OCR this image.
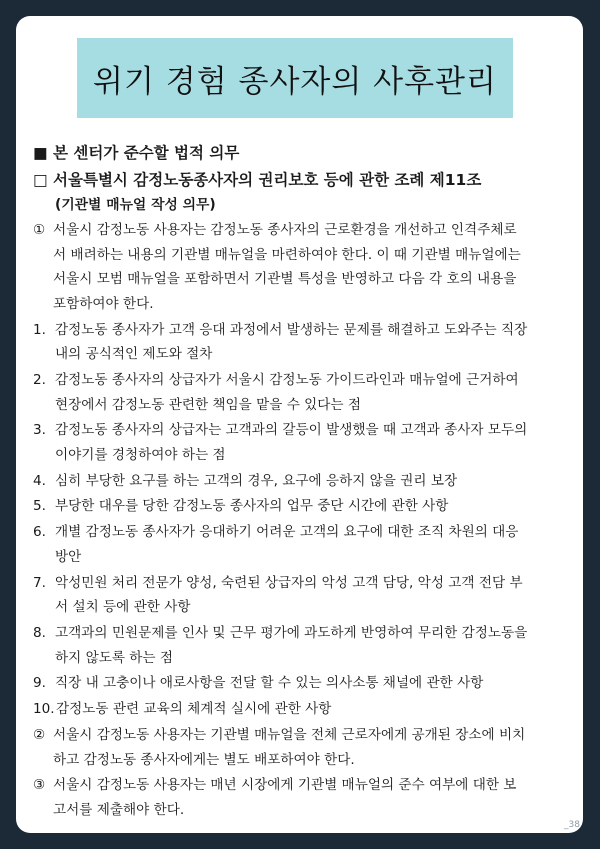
위기 경험 종사자의 사후관리
■ 본 센터가 준수할 법적 의무
□ 서울특별시 감정노동종사자의 권리보호 등에 관한 조례 제11조
(기관별 매뉴얼 작성 의무)
① 서울시 감정노동 사용자는 감정노동 종사자의 근로환경을 개선하고 인격주체로
서 배려하는 내용의 기관별 매뉴얼을 마련하여야 한다. 이 때 기관별 매뉴얼에는
서울시 모범 매뉴얼을 포함하면서 기관별 특성을 반영하고 다음 각 호의 내용을
포함하여야 한다.
1. 감정노동 종사자가 고객 응대 과정에서 발생하는 문제를 해결하고 도와주는 직장
내의 공식적인 제도와 절차
2. 감정노동 종사자의 상급자가 서울시 감정노동 가이드라인과 매뉴얼에 근거하여
현장에서 감정노동 관련한 책임을 맡을 수 있다는 점
3. 감정노동 종사자의 상급자는 고객과의 갈등이 발생했을 때 고객과 종사자 모두의
이야기를 경청하여야 하는 점
4. 심히 부당한 요구를 하는 고객의 경우, 요구에 응하지 않을 권리 보장
5. 부당한 대우를 당한 감정노동 종사자의 업무 중단 시간에 관한 사항
6. 개별 감정노동 종사자가 응대하기 어려운 고객의 요구에 대한 조직 차원의 대응
방안
7. 악성민원 처리 전문가 양성, 숙련된 상급자의 악성 고객 담당, 악성 고객 전담 부
서 설치 등에 관한 사항
8. 고객과의 민원문제를 인사 및 근무 평가에 과도하게 반영하여 무리한 감정노동을
하지 않도록 하는 점
9. 직장 내 고충이나 애로사항을 전달 할 수 있는 의사소통 채널에 관한 사항
10. 감정노동 관련 교육의 체계적 실시에 관한 사항
② 서울시 감정노동 사용자는 기관별 매뉴얼을 전체 근로자에게 공개된 장소에 비치
하고 감정노동 종사자에게는 별도 배포하여야 한다.
③ 서울시 감정노동 사용자는 매년 시장에게 기관별 매뉴얼의 준수 여부에 대한 보
고서를 제출해야 한다.
_38
